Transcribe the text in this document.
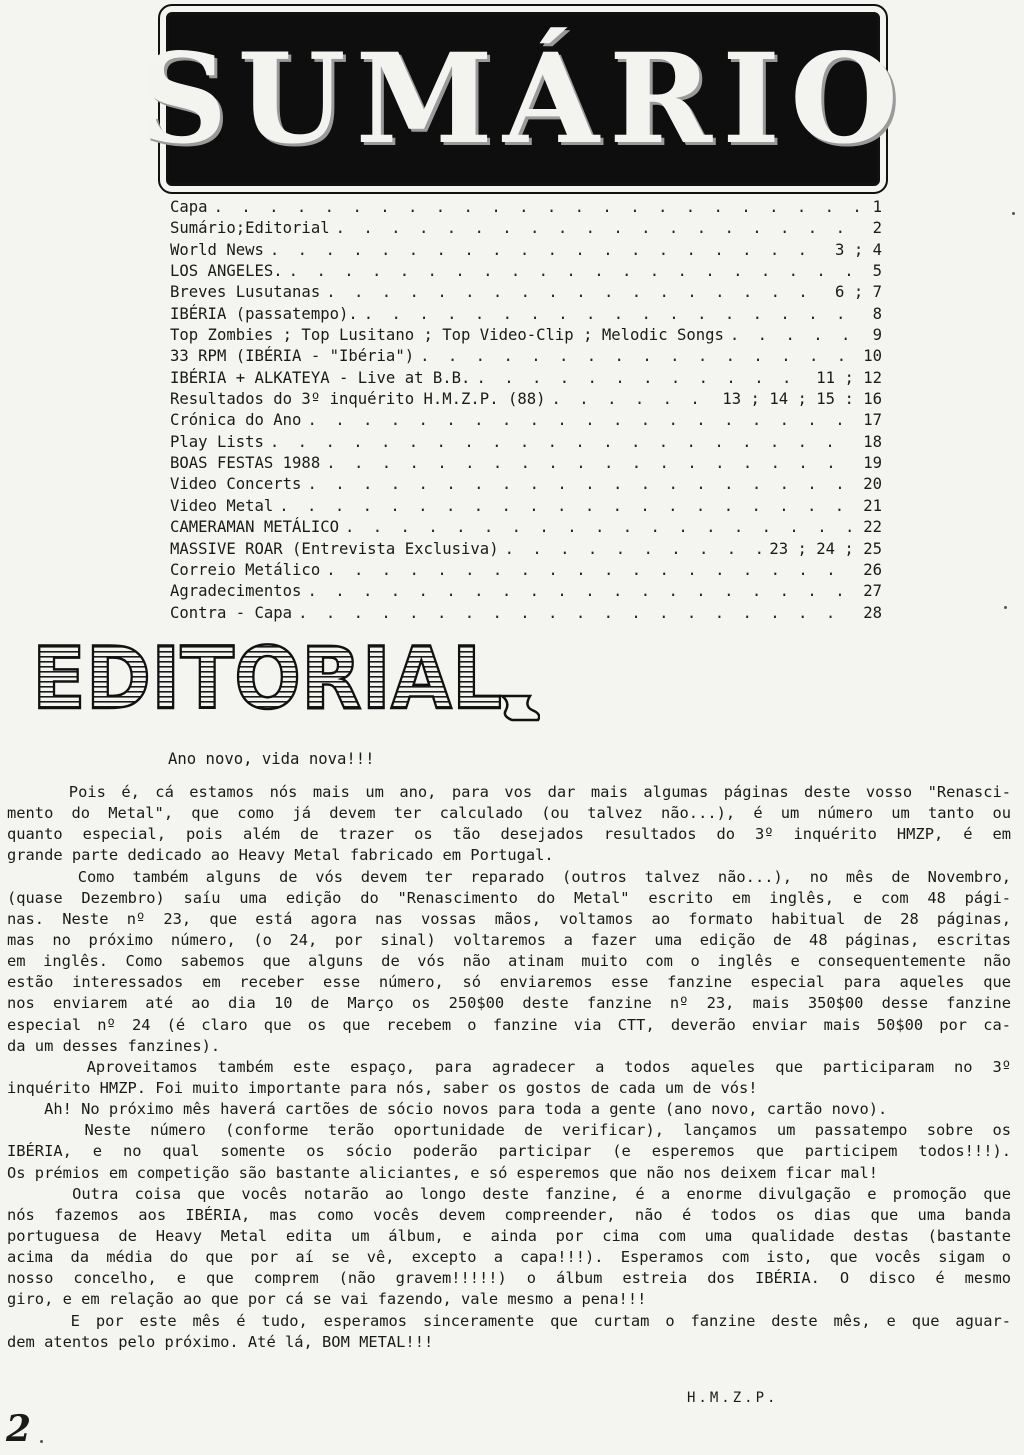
SUMÁRIO
Capa . . .	1
Sumário;Editorial . . .	2
World News . . .	3 ; 4
LOS ANGELES. . . .	5
Breves Lusutanas . . .	6 ; 7
IBÉRIA (passatempo). . . .	8
Top Zombies ; Top Lusitano ; Top Video-Clip ; Melodic Songs . . .	9
33 RPM (IBÉRIA - "Ibéria") . . .	10
IBÉRIA + ALKATEYA - Live at B.B. . . .	11 ; 12
Resultados do 3º inquérito H.M.Z.P. (88) . . .	13 ; 14 ; 15 : 16
Crónica do Ano . . .	17
Play Lists . . .	18
BOAS FESTAS 1988 . . .	19
Video Concerts . . .	20
Video Metal . . .	21
CAMERAMAN METÁLICO . . .	22
MASSIVE ROAR (Entrevista Exclusiva) . . .	23 ; 24 ; 25
Correio Metálico . . .	26
Agradecimentos . . .	27
Contra - Capa . . .	28
EDITORIAL
Ano novo, vida nova!!!
Pois é, cá estamos nós mais um ano, para vos dar mais algumas páginas deste vosso "Renasci-
mento do Metal", que como já devem ter calculado (ou talvez não...), é um número um tanto ou
quanto especial, pois além de trazer os tão desejados resultados do 3º inquérito HMZP, é em
grande parte dedicado ao Heavy Metal fabricado em Portugal.
Como também alguns de vós devem ter reparado (outros talvez não...), no mês de Novembro,
(quase Dezembro) saíu uma edição do "Renascimento do Metal" escrito em inglês, e com 48 pági-
nas. Neste nº 23, que está agora nas vossas mãos, voltamos ao formato habitual de 28 páginas,
mas no próximo número, (o 24, por sinal) voltaremos a fazer uma edição de 48 páginas, escritas
em inglês. Como sabemos que alguns de vós não atinam muito com o inglês e consequentemente não
estão interessados em receber esse número, só enviaremos esse fanzine especial para aqueles que
nos enviarem até ao dia 10 de Março os 250$00 deste fanzine nº 23, mais 350$00 desse fanzine
especial nº 24 (é claro que os que recebem o fanzine via CTT, deverão enviar mais 50$00 por ca-
da um desses fanzines).
Aproveitamos também este espaço, para agradecer a todos aqueles que participaram no 3º
inquérito HMZP. Foi muito importante para nós, saber os gostos de cada um de vós!
Ah! No próximo mês haverá cartões de sócio novos para toda a gente (ano novo, cartão novo).
Neste número (conforme terão oportunidade de verificar), lançamos um passatempo sobre os
IBÉRIA, e no qual somente os sócio poderão participar (e esperemos que participem todos!!!).
Os prémios em competição são bastante aliciantes, e só esperemos que não nos deixem ficar mal!
Outra coisa que vocês notarão ao longo deste fanzine, é a enorme divulgação e promoção que
nós fazemos aos IBÉRIA, mas como vocês devem compreender, não é todos os dias que uma banda
portuguesa de Heavy Metal edita um álbum, e ainda por cima com uma qualidade destas (bastante
acima da média do que por aí se vê, excepto a capa!!!). Esperamos com isto, que vocês sigam o
nosso concelho, e que comprem (não gravem!!!!!) o álbum estreia dos IBÉRIA. O disco é mesmo
giro, e em relação ao que por cá se vai fazendo, vale mesmo a pena!!!
E por este mês é tudo, esperamos sinceramente que curtam o fanzine deste mês, e que aguar-
dem atentos pelo próximo. Até lá, BOM METAL!!!
H.M.Z.P.
2
